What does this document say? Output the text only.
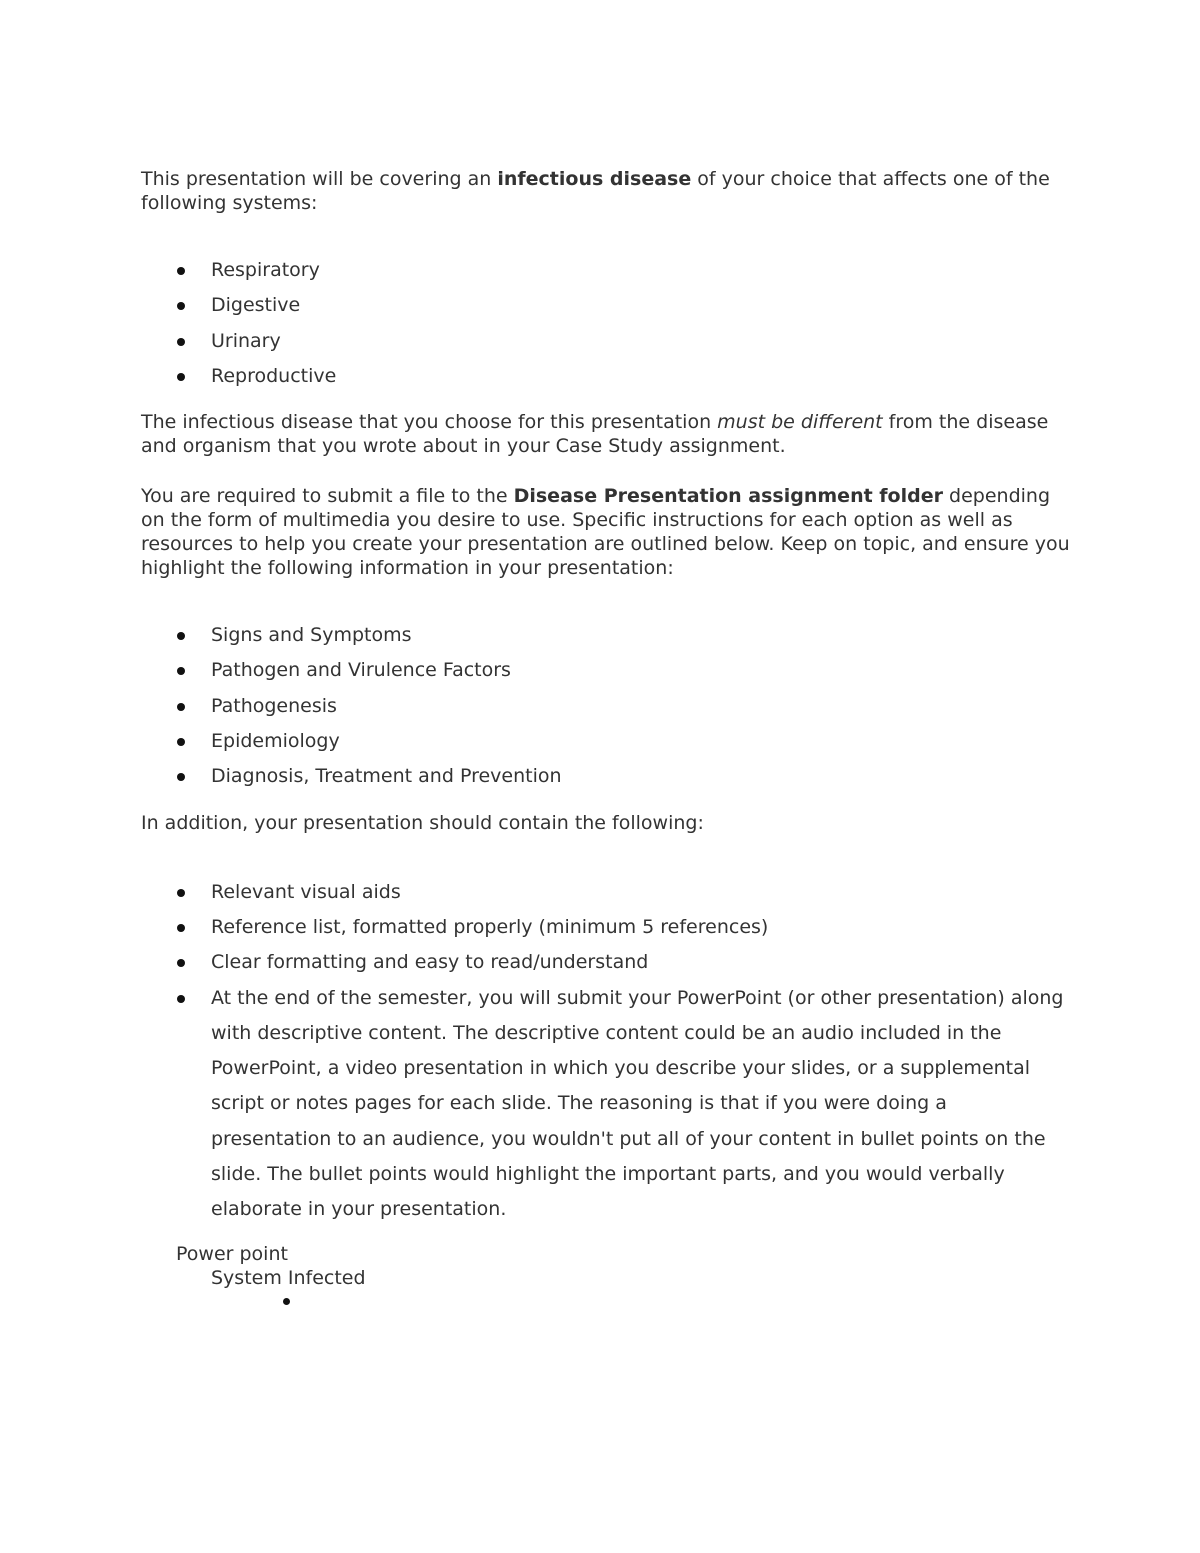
This presentation will be covering an infectious disease of your choice that affects one of the following systems:

Respiratory
Digestive
Urinary
Reproductive

The infectious disease that you choose for this presentation must be different from the disease and organism that you wrote about in your Case Study assignment.

You are required to submit a file to the Disease Presentation assignment folder depending on the form of multimedia you desire to use. Specific instructions for each option as well as resources to help you create your presentation are outlined below. Keep on topic, and ensure you highlight the following information in your presentation:

Signs and Symptoms
Pathogen and Virulence Factors
Pathogenesis
Epidemiology
Diagnosis, Treatment and Prevention

In addition, your presentation should contain the following:

Relevant visual aids
Reference list, formatted properly (minimum 5 references)
Clear formatting and easy to read/understand
At the end of the semester, you will submit your PowerPoint (or other presentation) along with descriptive content. The descriptive content could be an audio included in the PowerPoint, a video presentation in which you describe your slides, or a supplemental script or notes pages for each slide. The reasoning is that if you were doing a presentation to an audience, you wouldn't put all of your content in bullet points on the slide. The bullet points would highlight the important parts, and you would verbally elaborate in your presentation.
Power point
System Infected
